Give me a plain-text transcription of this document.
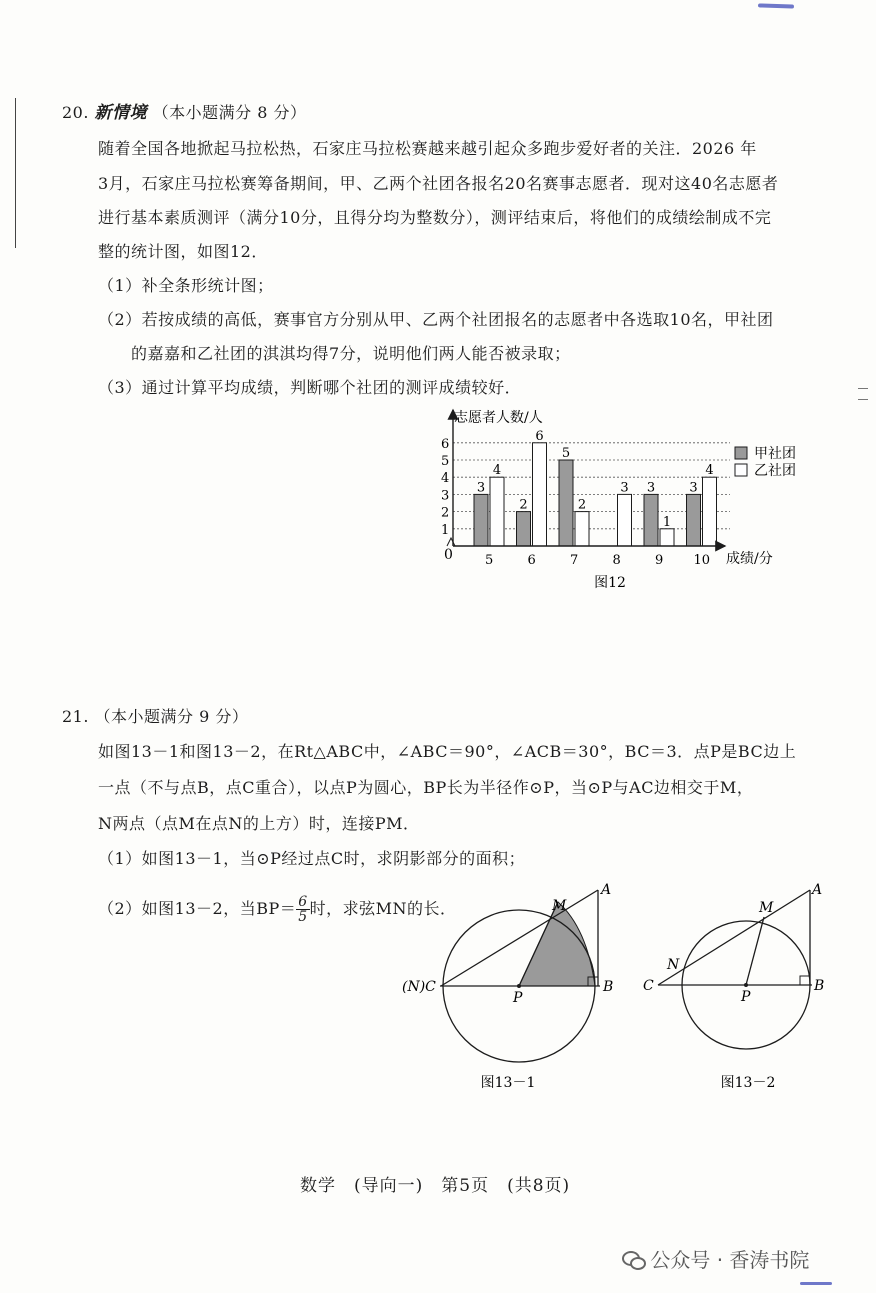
20. 新情境 （本小题满分 8 分）
随着全国各地掀起马拉松热，石家庄马拉松赛越来越引起众多跑步爱好者的关注．2026 年
3月，石家庄马拉松赛筹备期间，甲、乙两个社团各报名20名赛事志愿者．现对这40名志愿者
进行基本素质测评（满分10分，且得分均为整数分），测评结束后，将他们的成绩绘制成不完
整的统计图，如图12．
（1）补全条形统计图；
（2）若按成绩的高低，赛事官方分别从甲、乙两个社团报名的志愿者中各选取10名，甲社团
的嘉嘉和乙社团的淇淇均得7分，说明他们两人能否被录取；
（3）通过计算平均成绩，判断哪个社团的测评成绩较好．
3
4
2
6
5
2
3 3
1
3
4
志愿者人数/人
成绩/分
0
1
2
3
4
5
6
5	6	7	8	9 10
甲社团
乙社团
图12
21. （本小题满分 9 分）
如图13－1和图13－2，在Rt△ABC中，∠ABC＝90°，∠ACB＝30°，BC＝3．点P是BC边上
一点（不与点B，点C重合），以点P为圆心，BP长为半径作⊙P，当⊙P与AC边相交于M，
N两点（点M在点N的上方）时，连接PM．
（1）如图13－1，当⊙P经过点C时，求阴影部分的面积；
（2）如图13－2，当$BP= \frac{6}{5}$ 时，求弦MN的长．
A
M
(N)C
P
B
图13－1
A
M
N
C
P
B
图13－2
数学　(导向一)　第5页　(共8页)
公众号 · 香涛书院
